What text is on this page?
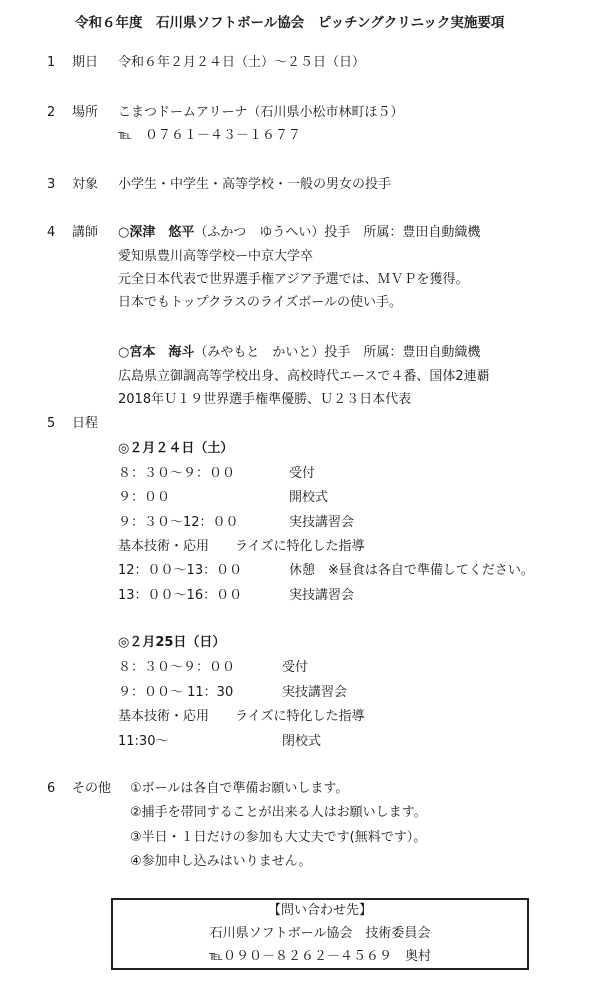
令和６年度　石川県ソフトボール協会　ピッチングクリニック実施要項
1 期日 令和６年２月２４日（土）～２５日（日）
2 場所 こまつドームアリーナ（石川県小松市林町ほ５）
℡　０７６１－４３－１６７７
3 対象 小学生・中学生・高等学校・一般の男女の投手
4 講師 ○深津　悠平（ふかつ　ゆうへい）投手　所属：豊田自動織機
愛知県豊川高等学校ー中京大学卒
元全日本代表で世界選手権アジア予選では、ＭＶＰを獲得。
日本でもトップクラスのライズボールの使い手。
○宮本　海斗（みやもと　かいと）投手　所属：豊田自動織機
広島県立御調高等学校出身、高校時代エースで４番、国体2連覇
2018年Ｕ１９世界選手権準優勝、Ｕ２３日本代表
5 日程
◎２月２４日（土）
８：３０～９：００	受付
９：００	開校式
９：３０～12：００	実技講習会
基本技術・応用　　ライズに特化した指導
12：００～13：００	休憩　※昼食は各自で準備してください。
13：００～16：００	実技講習会
◎２月25日（日）
８：３０～９：００	受付
９：００～ 11：30	実技講習会
基本技術・応用　　ライズに特化した指導
11:30～	閉校式
6 その他 ①ボールは各自で準備お願いします。
②捕手を帯同することが出来る人はお願いします。
③半日・１日だけの参加も大丈夫です(無料です）。
④参加申し込みはいりません。
【問い合わせ先】
石川県ソフトボール協会　技術委員会
℡０９０－８２６２－４５６９　奥村
